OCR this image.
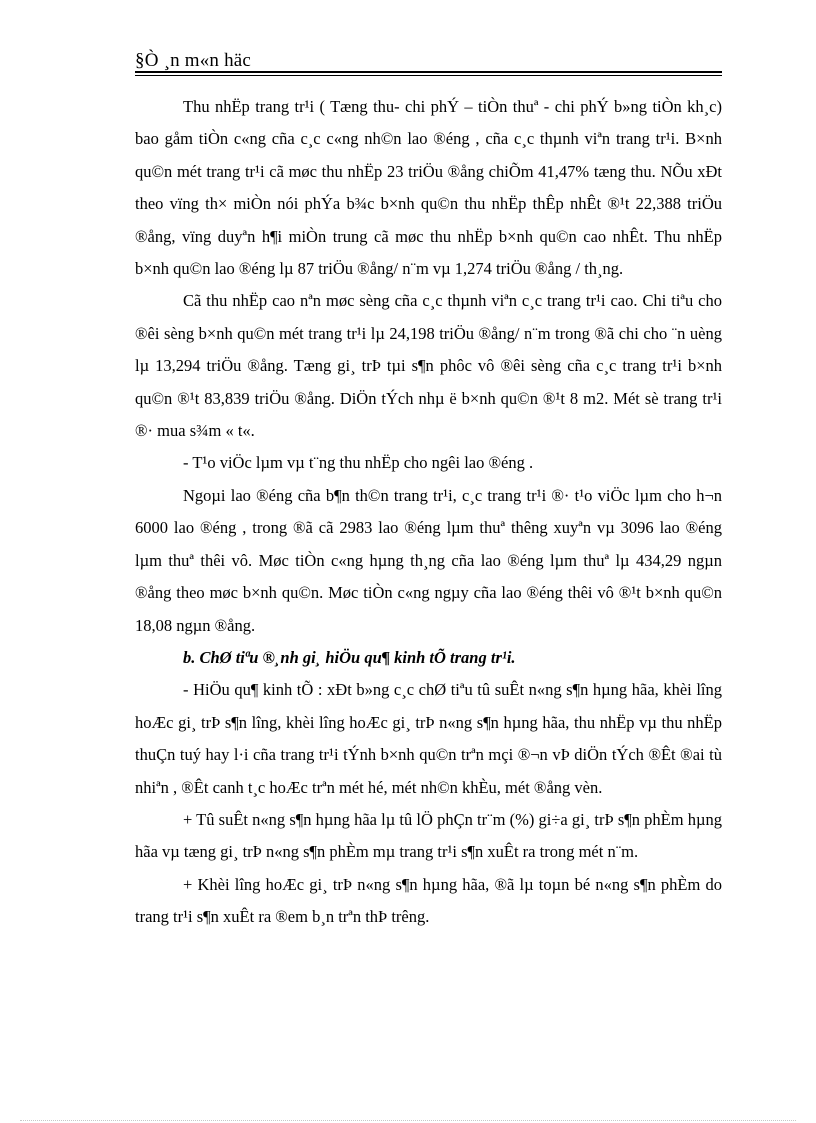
§Ò ¸n m«n häc

Thu nhËp trang tr¹i ( Tæng thu- chi phÝ – tiÒn thuª - chi phÝ b»ng tiÒn kh¸c) bao gåm tiÒn c«ng cña c¸c c«ng nh©n lao ®éng , cña c¸c thµnh viªn trang tr¹i. B×nh qu©n mét trang tr¹i cã møc thu nhËp 23 triÖu ®ång chiÕm 41,47% tæng thu. NÕu xÐt theo vïng th× miÒn nói phÝa b¾c b×nh qu©n thu nhËp thÊp nhÊt ®¹t 22,388 triÖu ®ång, vïng duyªn h¶i miÒn trung cã møc thu nhËp b×nh qu©n cao nhÊt. Thu nhËp b×nh qu©n lao ®éng lµ 87 triÖu ®ång/ n¨m vµ 1,274 triÖu ®ång / th¸ng.

Cã thu nhËp cao nªn møc sèng cña c¸c thµnh viªn c¸c trang tr¹i cao. Chi tiªu cho ®êi sèng b×nh qu©n mét trang tr¹i lµ 24,198 triÖu ®ång/ n¨m trong ®ã chi cho ¨n uèng lµ 13,294 triÖu ®ång. Tæng gi¸ trÞ tµi s¶n phôc vô ®êi sèng cña c¸c trang tr¹i b×nh qu©n ®¹t 83,839 triÖu ®ång. DiÖn tÝch nhµ ë b×nh qu©n ®¹t 8 m2. Mét sè trang tr¹i ®· mua s¾m « t«.

- T¹o viÖc lµm vµ t¨ng thu nhËp cho ngêi lao ®éng .

Ngoµi lao ®éng cña b¶n th©n trang tr¹i, c¸c trang tr¹i ®· t¹o viÖc lµm cho h¬n 6000 lao ®éng , trong ®ã cã 2983 lao ®éng lµm thuª thêng xuyªn vµ 3096 lao ®éng lµm thuª thêi vô. Møc tiÒn c«ng hµng th¸ng cña lao ®éng lµm thuª lµ 434,29 ngµn ®ång theo møc b×nh qu©n. Møc tiÒn c«ng ngµy cña lao ®éng thêi vô ®¹t b×nh qu©n 18,08 ngµn ®ång.

b. ChØ tiªu ®¸nh gi¸ hiÖu qu¶ kinh tÕ trang tr¹i.

- HiÖu qu¶ kinh tÕ : xÐt b»ng c¸c chØ tiªu tû suÊt n«ng s¶n hµng hãa, khèi lîng hoÆc gi¸ trÞ s¶n lîng, khèi lîng hoÆc gi¸ trÞ n«ng s¶n hµng hãa, thu nhËp vµ thu nhËp thuÇn tuý hay l·i cña trang tr¹i tÝnh b×nh qu©n trªn mçi ®¬n vÞ diÖn tÝch ®Êt ®ai tù nhiªn , ®Êt canh t¸c hoÆc trªn mét hé, mét nh©n khÈu, mét ®ång vèn.

+ Tû suÊt n«ng s¶n hµng hãa lµ tû lÖ phÇn tr¨m (%) gi÷a gi¸ trÞ s¶n phÈm hµng hãa vµ tæng gi¸ trÞ n«ng s¶n phÈm mµ trang tr¹i s¶n xuÊt ra trong mét n¨m.

+ Khèi lîng hoÆc gi¸ trÞ n«ng s¶n hµng hãa, ®ã lµ toµn bé n«ng s¶n phÈm do trang tr¹i s¶n xuÊt ra ®em b¸n trªn thÞ trêng.
